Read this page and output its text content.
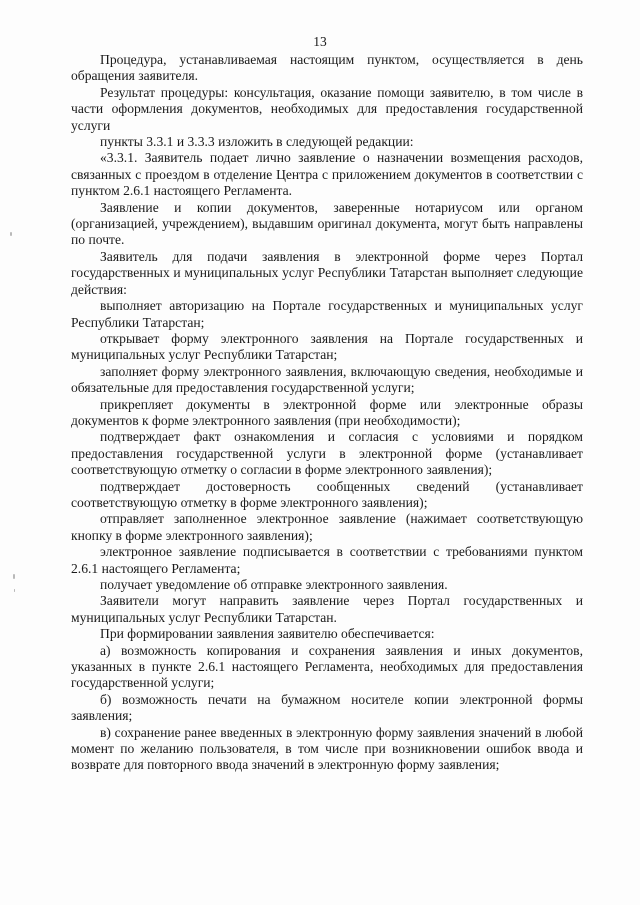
13

Процедура, устанавливаемая настоящим пунктом, осуществляется в день обращения заявителя.

Результат процедуры: консультация, оказание помощи заявителю, в том числе в части оформления документов, необходимых для предоставления государственной услуги

пункты 3.3.1 и 3.3.3 изложить в следующей редакции:

«3.3.1. Заявитель подает лично заявление о назначении возмещения расходов, связанных с проездом в отделение Центра с приложением документов в соответствии с пунктом 2.6.1 настоящего Регламента.

Заявление и копии документов, заверенные нотариусом или органом (организацией, учреждением), выдавшим оригинал документа, могут быть направлены по почте.

Заявитель для подачи заявления в электронной форме через Портал государственных и муниципальных услуг Республики Татарстан выполняет следующие действия:

выполняет авторизацию на Портале государственных и муниципальных услуг Республики Татарстан;

открывает форму электронного заявления на Портале государственных и муниципальных услуг Республики Татарстан;

заполняет форму электронного заявления, включающую сведения, необходимые и обязательные для предоставления государственной услуги;

прикрепляет документы в электронной форме или электронные образы документов к форме электронного заявления (при необходимости);

подтверждает факт ознакомления и согласия с условиями и порядком предоставления государственной услуги в электронной форме (устанавливает соответствующую отметку о согласии в форме электронного заявления);

подтверждает достоверность сообщенных сведений (устанавливает соответствующую отметку в форме электронного заявления);

отправляет заполненное электронное заявление (нажимает соответствующую кнопку в форме электронного заявления);

электронное заявление подписывается в соответствии с требованиями пунктом 2.6.1 настоящего Регламента;

получает уведомление об отправке электронного заявления.

Заявители могут направить заявление через Портал государственных и муниципальных услуг Республики Татарстан.

При формировании заявления заявителю обеспечивается:

а) возможность копирования и сохранения заявления и иных документов, указанных в пункте 2.6.1 настоящего Регламента, необходимых для предоставления государственной услуги;

б) возможность печати на бумажном носителе копии электронной формы заявления;

в) сохранение ранее введенных в электронную форму заявления значений в любой момент по желанию пользователя, в том числе при возникновении ошибок ввода и возврате для повторного ввода значений в электронную форму заявления;
